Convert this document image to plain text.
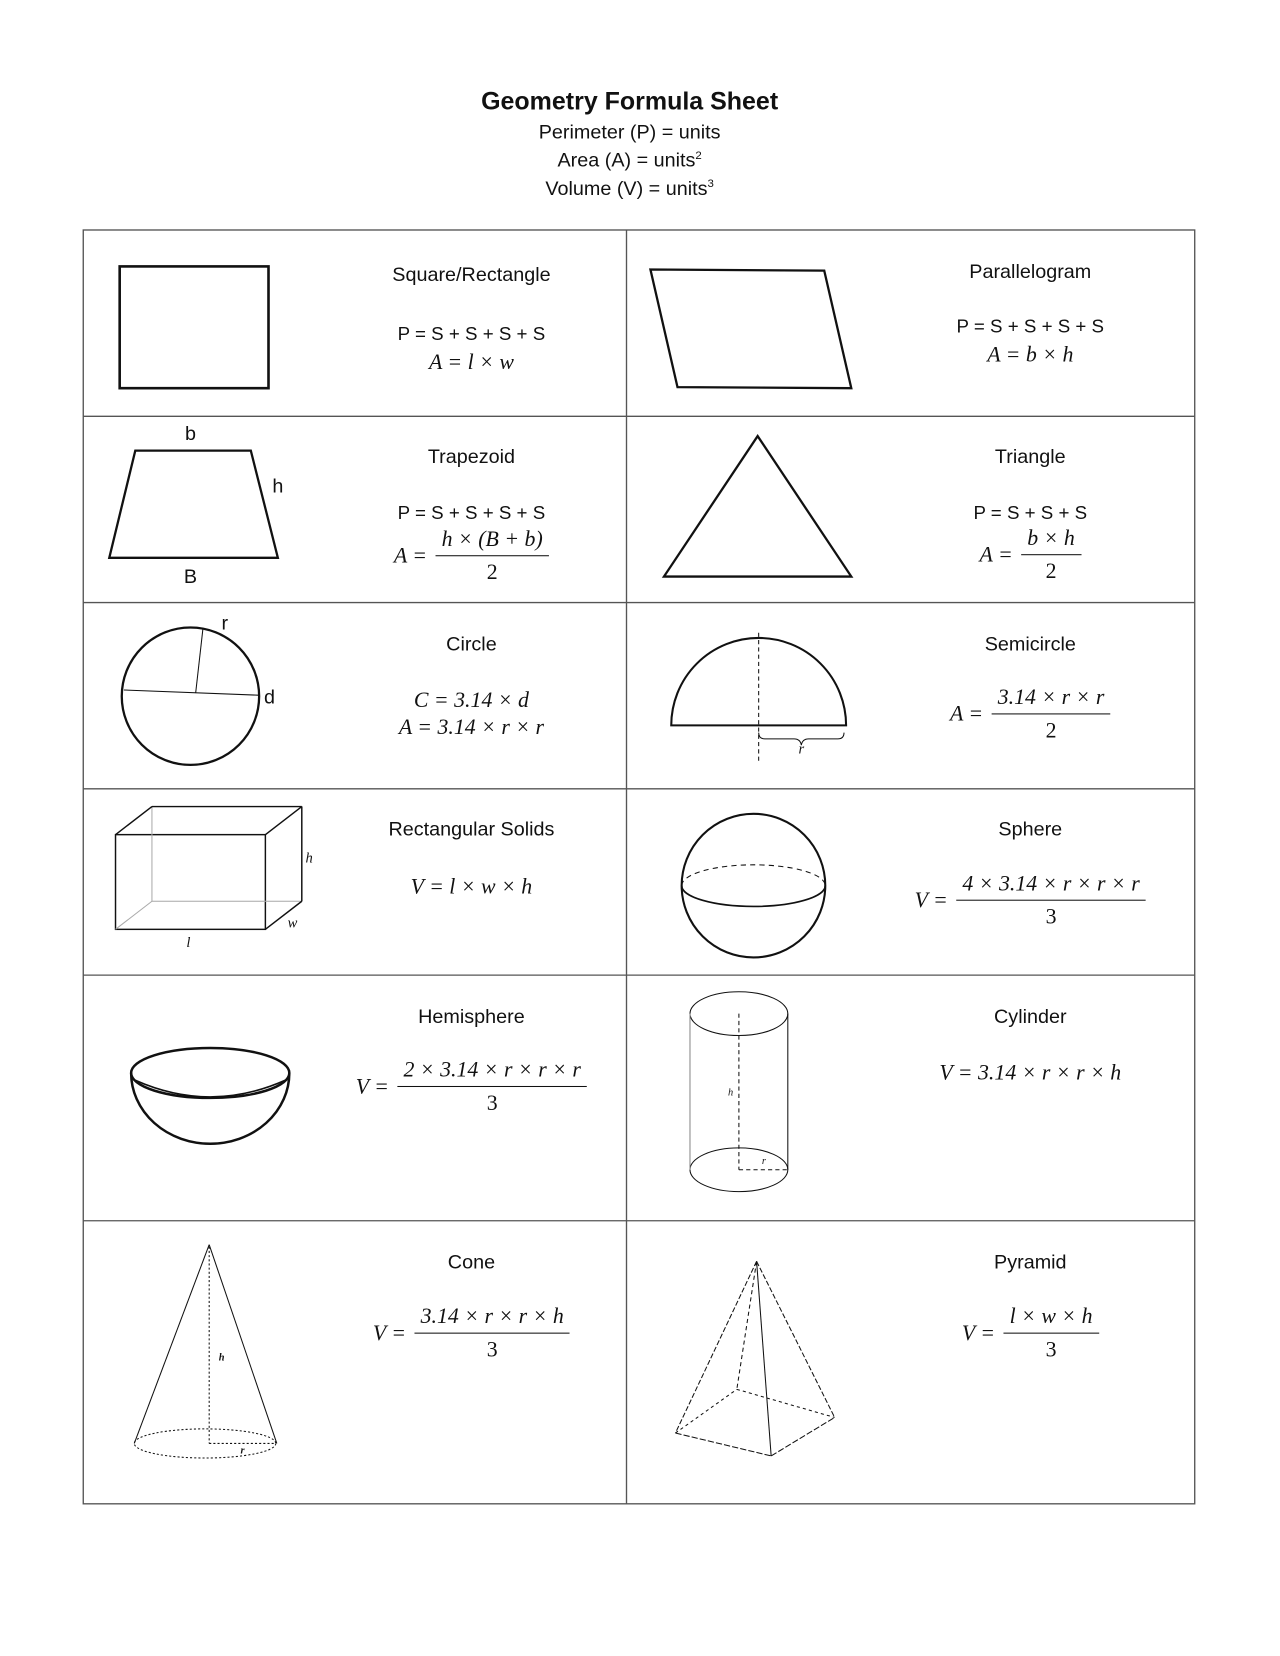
Geometry Formula Sheet
Perimeter (P) = units
Area (A) = units$^2$
Volume (V) = units$^3$
Square/Rectangle
P = S + S + S + S
A = l × w
Parallelogram
P = S + S + S + S
A = b × h
b
h
B
Trapezoid
P = S + S + S + S
$A = \frac{h \times (B + b)}{2}$
Triangle
P = S + S + S
$A = \frac{b \times h}{2}$
r
d
Circle
C = 3.14 × d
A = 3.14 × r × r
r
Semicircle
$A = \frac{3.14 \times r \times r}{2}$
h
w
l
Rectangular Solids
V = l × w × h
Sphere
$V = \frac{4 \times 3.14 \times r \times r \times r}{3}$
Hemisphere
$V = \frac{2 \times 3.14 \times r \times r \times r}{3}$	h
r
Cylinder
V = 3.14 × r × r × h
h
r
Cone
$V = \frac{3.14 \times r \times r \times h}{3}$
Pyramid
$V = \frac{l \times w \times h}{3}$
